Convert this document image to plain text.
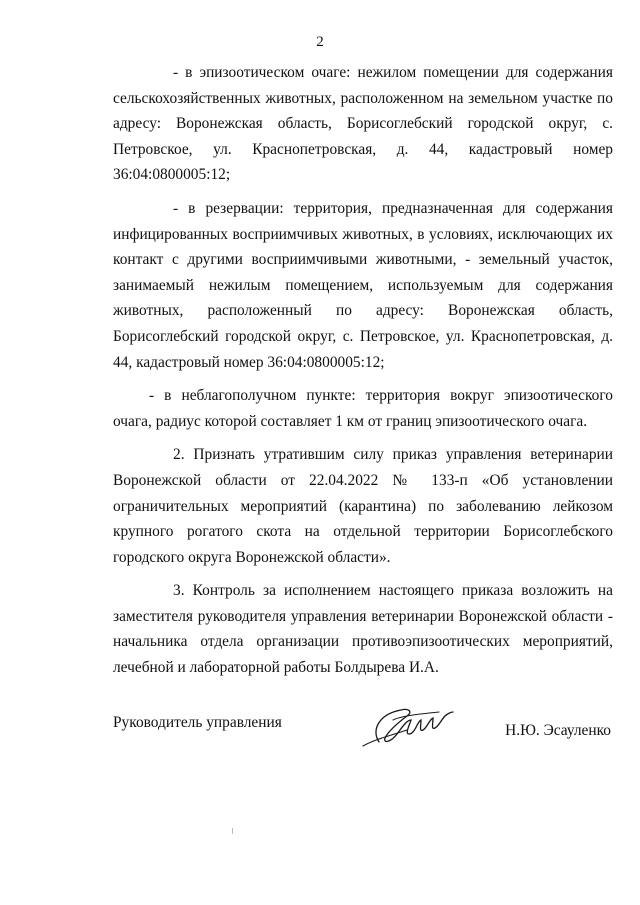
2

- в эпизоотическом очаге: нежилом помещении для содержания сельскохозяйственных животных, расположенном на земельном участке по адресу: Воронежская область, Борисоглебский городской округ, с. Петровское, ул. Краснопетровская, д. 44, кадастровый номер 36:04:0800005:12;

- в резервации: территория, предназначенная для содержания инфицированных восприимчивых животных, в условиях, исключающих их контакт с другими восприимчивыми животными, - земельный участок, занимаемый нежилым помещением, используемым для содержания животных, расположенный по адресу: Воронежская область, Борисоглебский городской округ, с. Петровское, ул. Краснопетровская, д. 44, кадастровый номер 36:04:0800005:12;

- в неблагополучном пункте: территория вокруг эпизоотического очага, радиус которой составляет 1 км от границ эпизоотического очага.

2. Признать утратившим силу приказ управления ветеринарии Воронежской области от 22.04.2022 № 133-п «Об установлении ограничительных мероприятий (карантина) по заболеванию лейкозом крупного рогатого скота на отдельной территории Борисоглебского городского округа Воронежской области».

3. Контроль за исполнением настоящего приказа возложить на заместителя руководителя управления ветеринарии Воронежской области - начальника отдела организации противоэпизоотических мероприятий, лечебной и лабораторной работы Болдырева И.А.

Руководитель управления	Н.Ю. Эсауленко
